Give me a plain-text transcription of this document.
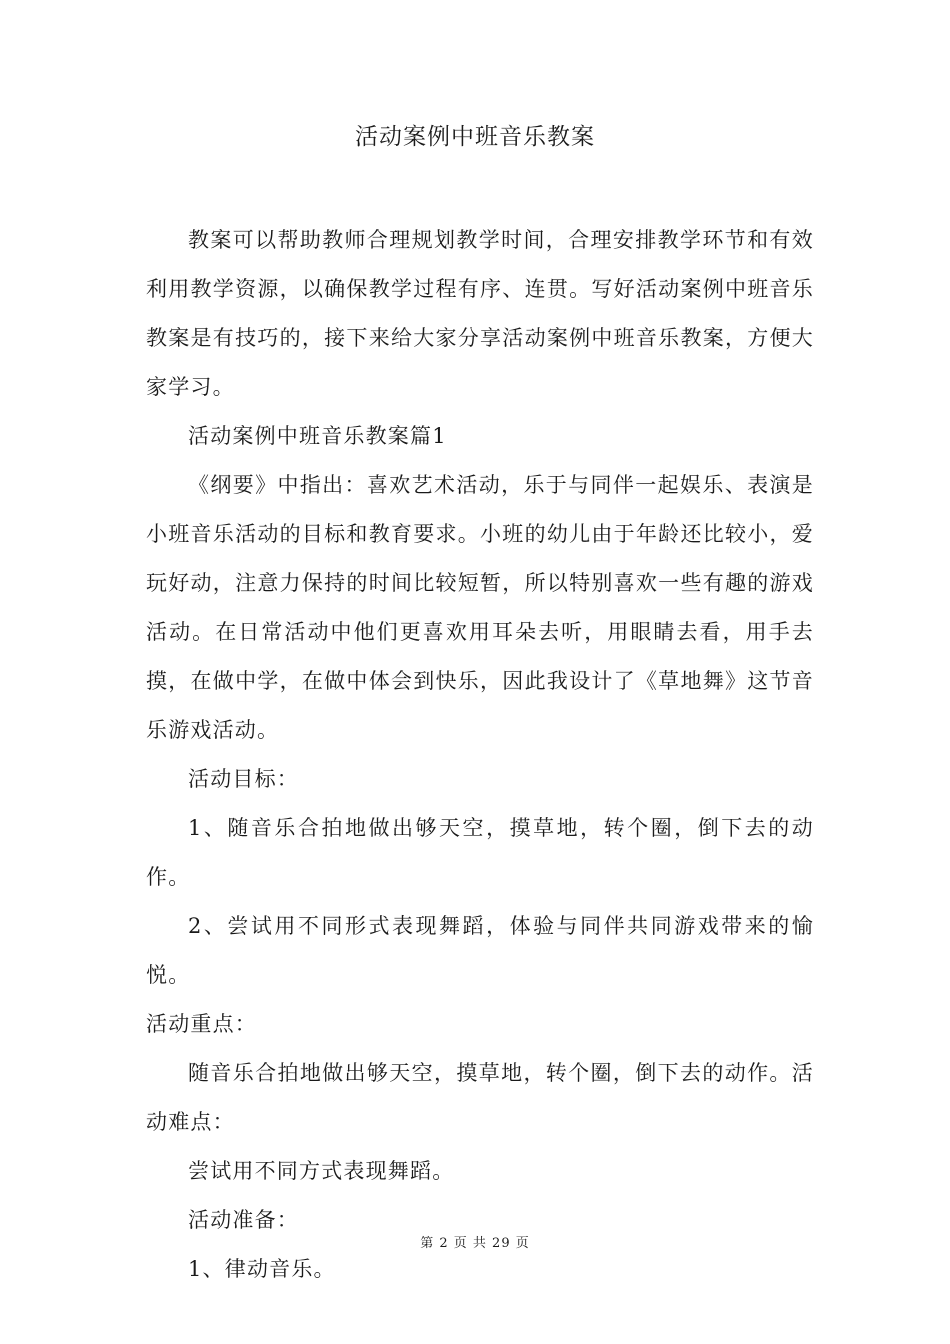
活动案例中班音乐教案

教案可以帮助教师合理规划教学时间，合理安排教学环节和有效利用教学资源，以确保教学过程有序、连贯。写好活动案例中班音乐教案是有技巧的，接下来给大家分享活动案例中班音乐教案，方便大家学习。

活动案例中班音乐教案篇1

《纲要》中指出：喜欢艺术活动，乐于与同伴一起娱乐、表演是小班音乐活动的目标和教育要求。小班的幼儿由于年龄还比较小，爱玩好动，注意力保持的时间比较短暂，所以特别喜欢一些有趣的游戏活动。在日常活动中他们更喜欢用耳朵去听，用眼睛去看，用手去摸，在做中学，在做中体会到快乐，因此我设计了《草地舞》这节音乐游戏活动。

活动目标：

1、随音乐合拍地做出够天空，摸草地，转个圈，倒下去的动作。

2、尝试用不同形式表现舞蹈，体验与同伴共同游戏带来的愉悦。

活动重点：

随音乐合拍地做出够天空，摸草地，转个圈，倒下去的动作。活动难点：

尝试用不同方式表现舞蹈。

活动准备：

1、律动音乐。

第 2 页 共 29 页
